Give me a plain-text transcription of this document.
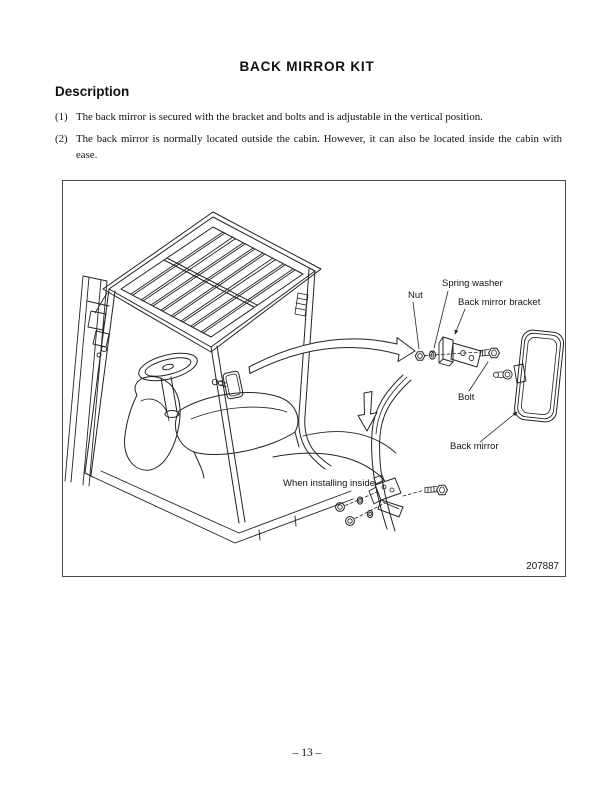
BACK MIRROR KIT
Description
(1) The back mirror is secured with the bracket and bolts and is adjustable in the vertical position.
(2) The back mirror is normally located outside the cabin. However, it can also be located inside the cabin with ease.
Nut
Spring washer
Back mirror bracket
Bolt
Back mirror
When installing inside
207887
– 13 –
